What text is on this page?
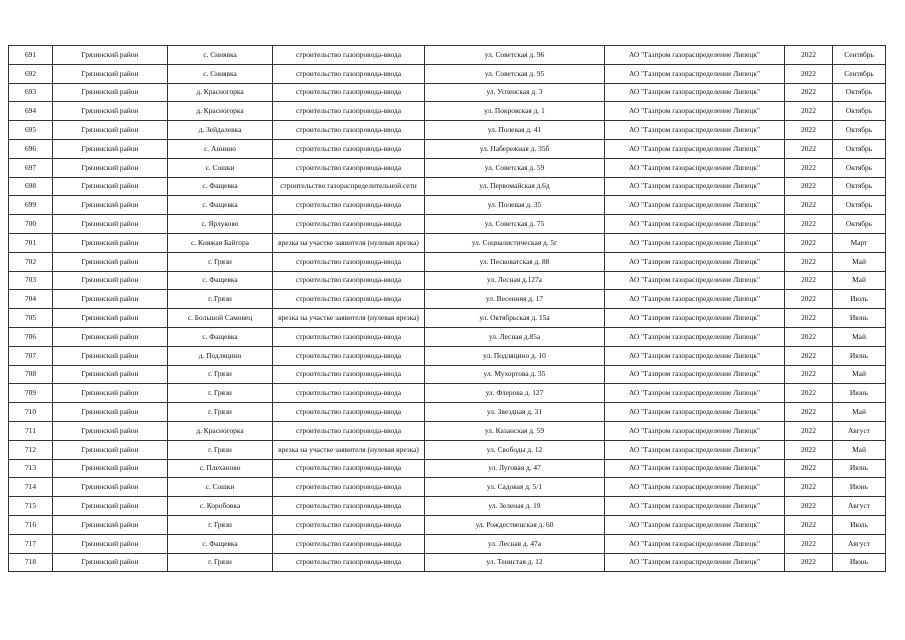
691	Грязинский район	с. Синявка	строительство газопровода-ввода	ул. Советская д. 96	АО "Газпром газораспределение Липецк"	2022	Сентябрь
692	Грязинский район	с. Синявка	строительство газопровода-ввода	ул. Советская д. 95	АО "Газпром газораспределение Липецк"	2022	Сентябрь
693	Грязинский район	д. Красногорка	строительство газопровода-ввода	ул. Успенская д. 3	АО "Газпром газораспределение Липецк"	2022	Октябрь
694	Грязинский район	д. Красногорка	строительство газопровода-ввода	ул. Покровская д. 1	АО "Газпром газораспределение Липецк"	2022	Октябрь
695	Грязинский район	д. Зейдалевка	строительство газопровода-ввода	ул. Полевая д. 41	АО "Газпром газораспределение Липецк"	2022	Октябрь
696	Грязинский район	с. Аннино	строительство газопровода-ввода	ул. Набережная д. 35б	АО "Газпром газораспределение Липецк"	2022	Октябрь
697	Грязинский район	с. Сошки	строительство газопровода-ввода	ул. Советская д. 59	АО "Газпром газораспределение Липецк"	2022	Октябрь
698	Грязинский район	с. Фащевка	строительство газораспределительной сети	ул. Первомайская д.6д	АО "Газпром газораспределение Липецк"	2022	Октябрь
699	Грязинский район	с. Фащевка	строительство газопровода-ввода	ул. Полевая д. 35	АО "Газпром газораспределение Липецк"	2022	Октябрь
700	Грязинский район	с. Ярлуково	строительство газопровода-ввода	ул. Советская д. 75	АО "Газпром газораспределение Липецк"	2022	Октябрь
701	Грязинский район	с. Княжая Байгора	врезка на участке заявителя (нулевая врезка)	ул. Социалистическая д. 5г	АО "Газпром газораспределение Липецк"	2022	Март
702	Грязинский район	г. Грязи	строительство газопровода-ввода	ул. Песковатская д. 88	АО "Газпром газораспределение Липецк"	2022	Май
703	Грязинский район	с. Фащевка	строительство газопровода-ввода	ул. Лесная д.127а	АО "Газпром газораспределение Липецк"	2022	Май
704	Грязинский район	г. Грязи	строительство газопровода-ввода	ул. Весенняя д. 17	АО "Газпром газораспределение Липецк"	2022	Июль
705	Грязинский район	с. Большой Самовец	врезка на участке заявителя (нулевая врезка)	ул. Октябрьская д. 15а	АО "Газпром газораспределение Липецк"	2022	Июнь
706	Грязинский район	с. Фащевка	строительство газопровода-ввода	ул. Лесная д.85а	АО "Газпром газораспределение Липецк"	2022	Май
707	Грязинский район	д. Подляцино	строительство газопровода-ввода	ул. Подляцино д. 10	АО "Газпром газораспределение Липецк"	2022	Июнь
708	Грязинский район	г. Грязи	строительство газопровода-ввода	ул. Мухортова д. 35	АО "Газпром газораспределение Липецк"	2022	Май
709	Грязинский район	г. Грязи	строительство газопровода-ввода	ул. Флерова д. 127	АО "Газпром газораспределение Липецк"	2022	Июнь
710	Грязинский район	г. Грязи	строительство газопровода-ввода	ул. Звездная д. 31	АО "Газпром газораспределение Липецк"	2022	Май
711	Грязинский район	д. Красногорка	строительство газопровода-ввода	ул. Казанская д. 59	АО "Газпром газораспределение Липецк"	2022	Август
712	Грязинский район	г. Грязи	врезка на участке заявителя (нулевая врезка)	ул. Свободы д. 12	АО "Газпром газораспределение Липецк"	2022	Май
713	Грязинский район	с. Плеханово	строительство газопровода-ввода	ул. Луговая д. 47	АО "Газпром газораспределение Липецк"	2022	Июнь
714	Грязинский район	с. Сошки	строительство газопровода-ввода	ул. Садовая д. 5/1	АО "Газпром газораспределение Липецк"	2022	Июнь
715	Грязинский район	с. Коробовка	строительство газопровода-ввода	ул. Зеленая д. 19	АО "Газпром газораспределение Липецк"	2022	Август
716	Грязинский район	г. Грязи	строительство газопровода-ввода	ул. Рождественская д. 60	АО "Газпром газораспределение Липецк"	2022	Июль
717	Грязинский район	с. Фащевка	строительство газопровода-ввода	ул. Лесная д. 47а	АО "Газпром газораспределение Липецк"	2022	Август
718	Грязинский район	г. Грязи	строительство газопровода-ввода	ул. Тенистая д. 12	АО "Газпром газораспределение Липецк"	2022	Июнь
